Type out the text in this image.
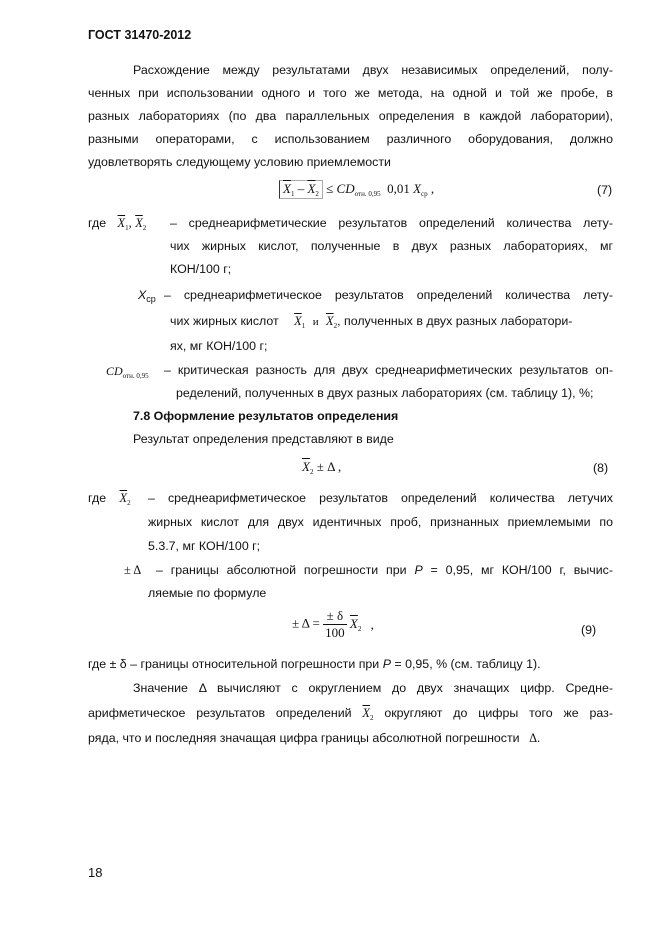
ГОСТ 31470-2012
Расхождение между результатами двух независимых определений, полу-
ченных при использовании одного и того же метода, на одной и той же пробе, в
разных лабораториях (по два параллельных определения в каждой лаборатории),
разными операторами, с использованием различного оборудования, должно
удовлетворять следующему условию приемлемости
$\overline{X}_1 - \overline{X}_2 \le CD_{отн. 0,95}$ 0,01 $X_{ср}$ ,	(7)
где $\overline{X}_1$, $\overline{X}_2$ – среднеарифметические результатов определений количества лету-
чих жирных кислот, полученные в двух разных лабораториях, мг
КОН/100 г;
$X_{ср}$ – среднеарифметическое результатов определений количества лету-
чих жирных кислот $\overline{X}_1$ и $\overline{X}_2$, полученных в двух разных лаборатори-
ях, мг КОН/100 г;
$CD_{отн. 0,95}$ – критическая разность для двух среднеарифметических результатов оп-
ределений, полученных в двух разных лабораториях (см. таблицу 1), %;
7.8 Оформление результатов определения
Результат определения представляют в виде
$\overline{X}_2 \pm \Delta$ ,	(8)
где $\overline{X}_2$ – среднеарифметическое результатов определений количества летучих
жирных кислот для двух идентичных проб, признанных приемлемыми по
5.3.7, мг КОН/100 г;
± Δ – границы абсолютной погрешности при P = 0,95, мг КОН/100 г, вычис-
ляемые по формуле
± $\Delta = \frac{\pm \delta}{100} \overline{X}_2$ ,	(9)
где ± δ – границы относительной погрешности при P = 0,95, % (см. таблицу 1).
Значение Δ вычисляют с округлением до двух значащих цифр. Средне-
арифметическое результатов определений $\overline{X}_2$ округляют до цифры того же раз-
ряда, что и последняя значащая цифра границы абсолютной погрешности Δ.
18
